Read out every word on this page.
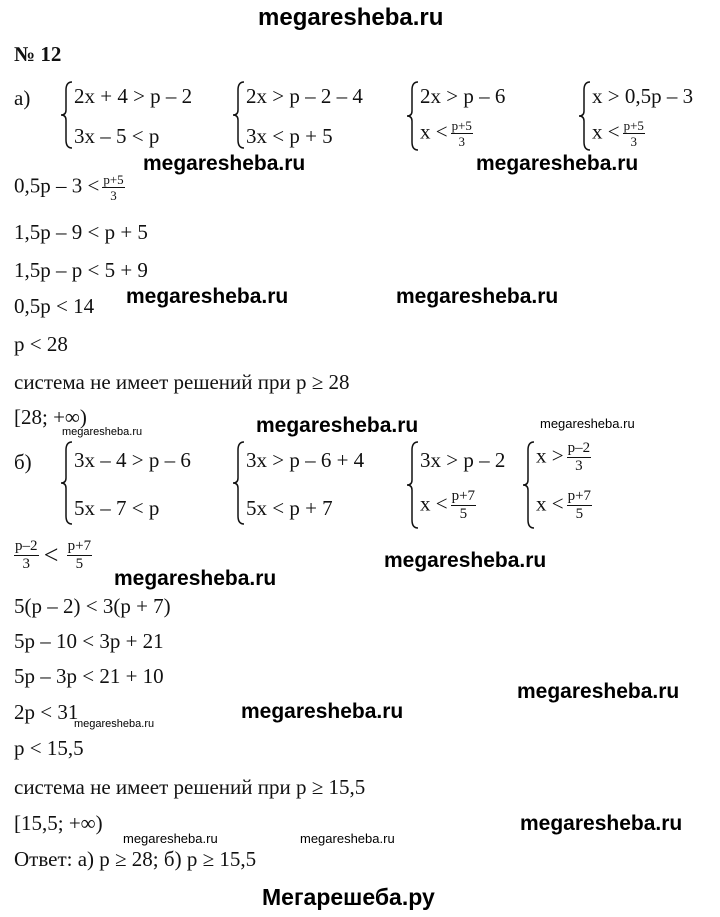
megaresheba.ru
№ 12
а) 2x + 4 > p – 2
3x – 5 < p
2x > p – 2 – 4
3x < p + 5
2x > p – 6
$x < \frac{p+5}{3}$
x > 0,5p – 3
$x < \frac{p+5}{3}$
megaresheba.ru	megaresheba.ru
$0,5p - 3 < \frac{p+5}{3}$
1,5p – 9 < p + 5
1,5p – p < 5 + 9
0,5p < 14 megaresheba.ru	megaresheba.ru
p < 28
система не имеет решений при p ≥ 28
[28; +∞)	megaresheba.ru	megaresheba.ru
megaresheba.ru
б) 3x – 4 > p – 6
5x – 7 < p
3x > p – 6 + 4
5x < p + 7
3x > p – 2
$x < \frac{p+7}{5}$
$x > \frac{p-2}{3}$
$x < \frac{p+7}{5}$
$\frac{p-2}{3} < \frac{p+7}{5}$	megaresheba.ru
megaresheba.ru
5(p – 2) < 3(p + 7)
5p – 10 < 3p + 21
5p – 3p < 21 + 10
megaresheba.ru
2p < 31	megaresheba.ru
megaresheba.ru
p < 15,5
система не имеет решений при p ≥ 15,5
[15,5; +∞)	megaresheba.ru
megaresheba.ru	megaresheba.ru
Ответ: а) p ≥ 28; б) p ≥ 15,5
Мегарешеба.ру
